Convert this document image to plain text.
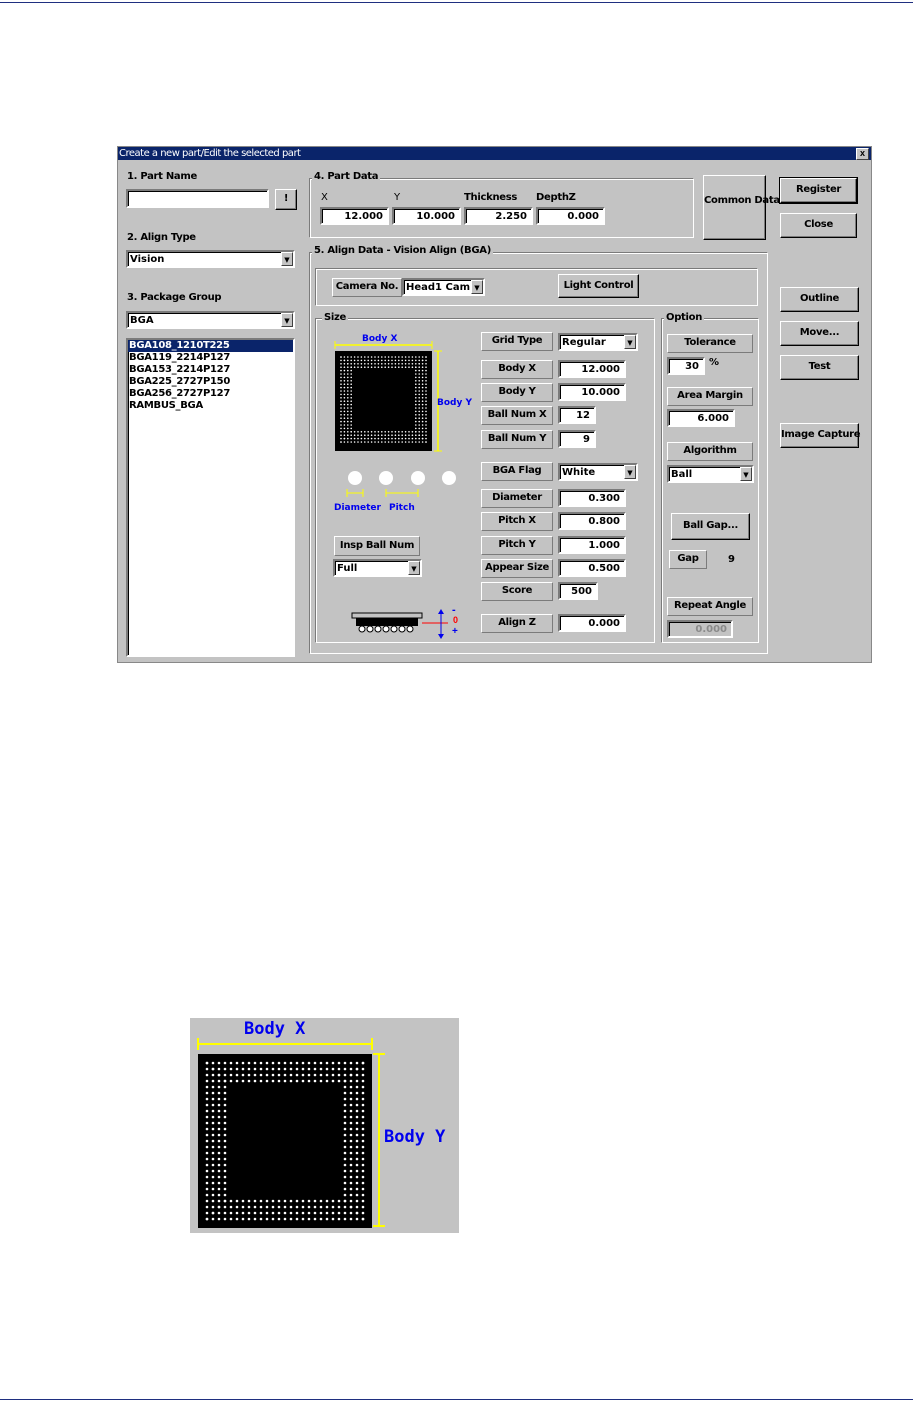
Create a new part/Edit the selected part	x
1. Part Name
!
2. Align Type
Vision	▼
3. Package Group
BGA	▼
BGA108_1210T225
BGA119_2214P127
BGA153_2214P127
BGA225_2727P150
BGA256_2727P127
RAMBUS_BGA
4. Part Data
X	Y	Thickness DepthZ
12.000	10.000	2.250	0.000
Common Data
Register
Close
5. Align Data - Vision Align (BGA)
Camera No. Head1 Cam ▼	Light Control
Size
Body X
Body Y
Diameter Pitch
Insp Ball Num
Full	▼
-
0
+
Grid Type	Regular	▼
Body X	12.000
Body Y	10.000
Ball Num X	12
Ball Num Y	9
BGA Flag	White	▼
Diameter	0.300
Pitch X	0.800
Pitch Y	1.000
Appear Size	0.500
Score	500
Align Z	0.000
Option
Tolerance
30	%
Area Margin
6.000
Algorithm
Ball	▼
Ball Gap...
Gap	9
Repeat Angle
0.000
Outline
Move...
Test
Image Capture
Body X
Body Y
